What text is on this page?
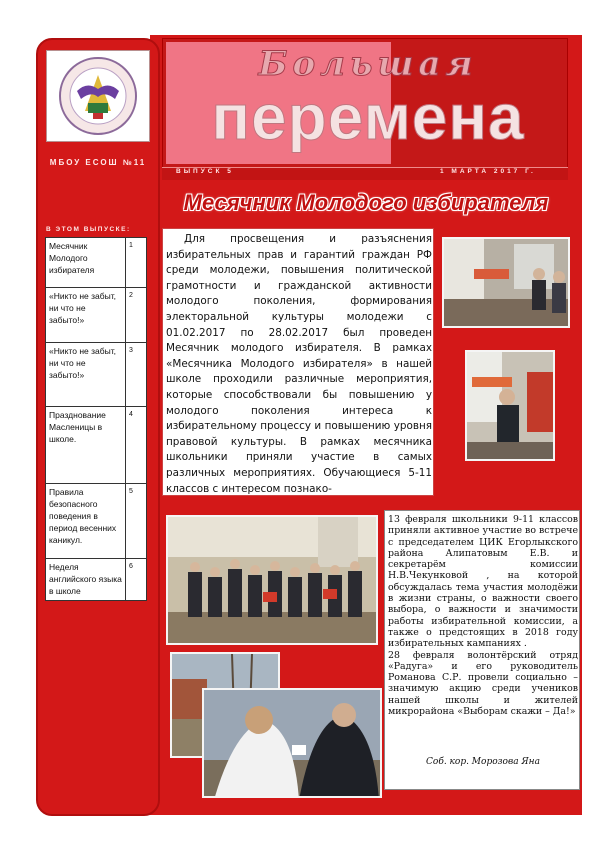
МБОУ ЕСОШ №11
В ЭТОМ ВЫПУСКЕ:
Месячник Молодого избирателя	1
«Никто не забыт, ни что не забыто!»	2
«Никто не забыт, ни что не забыто!»	3
Празднование Масленицы в школе.	4
Правила безопасного поведения в период весенних каникул.	5
Неделя английского языка в школе	6
Большая
перемена
ВЫПУСК 5	1 МАРТА 2017 Г.
Месячник Молодого избирателя
Для просвещения и разъяснения избирательных прав и гарантий граждан РФ среди молодежи, повышения политической грамотности и гражданской активности молодого поколения, формирования электоральной культуры молодежи с 01.02.2017 по 28.02.2017 был проведен Месячник молодого избирателя. В рамках «Месячника Молодого избирателя» в нашей школе проходили различные мероприятия, которые способствовали бы повышению у молодого поколения интереса к избирательному процессу и повышению уровня правовой культуры. В рамках месячника школьники приняли участие в самых различных мероприятиях. Обучающиеся 5-11 классов с интересом познако-

13 февраля школьники 9-11 классов приняли активное участие во встрече с председателем ЦИК Егорлыкского района Алипатовым Е.В. и секретарём комиссии Н.В.Чекунковой , на которой обсуждалась тема участия молодёжи в жизни страны, о важности своего выбора, о важности и значимости работы избирательной комиссии, а также о предстоящих в 2018 году избирательных кампаниях .

28 февраля волонтёрский отряд «Радуга» и его руководитель Романова С.Р. провели социально – значимую акцию среди учеников нашей школы и жителей микрорайона «Выборам скажи – Да!»

Соб. кор. Морозова Яна
